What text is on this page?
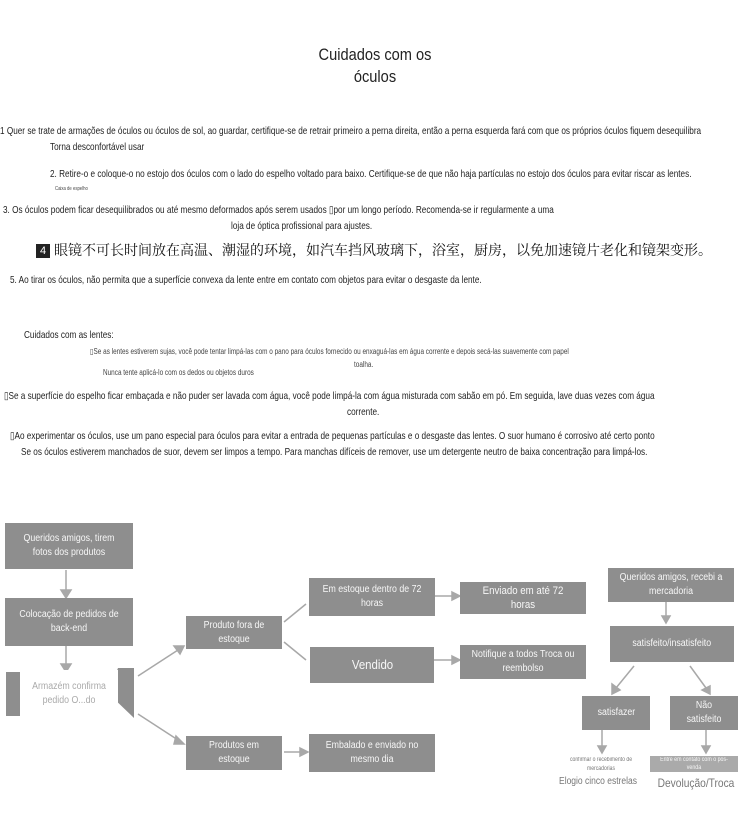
Cuidados com os óculos
1 Quer se trate de armações de óculos ou óculos de sol, ao guardar, certifique-se de retrair primeiro a perna direita, então a perna esquerda fará com que os próprios óculos fiquem desequilibra
Torna desconfortável usar
2. Retire-o e coloque-o no estojo dos óculos com o lado do espelho voltado para baixo. Certifique-se de que não haja partículas no estojo dos óculos para evitar riscar as lentes.
Caixa de espelho
3. Os óculos podem ficar desequilibrados ou até mesmo deformados após serem usados ▯por um longo período. Recomenda-se ir regularmente a uma
loja de óptica profissional para ajustes.
4 眼镜不可长时间放在高温、潮湿的环境，如汽车挡风玻璃下，浴室，厨房，以免加速镜片老化和镜架变形。
5. Ao tirar os óculos, não permita que a superfície convexa da lente entre em contato com objetos para evitar o desgaste da lente.
Cuidados com as lentes:
▯Se as lentes estiverem sujas, você pode tentar limpá-las com o pano para óculos fornecido ou enxaguá-las em água corrente e depois secá-las suavemente com papel
toalha.
Nunca tente aplicá-lo com os dedos ou objetos duros
▯Se a superfície do espelho ficar embaçada e não puder ser lavada com água, você pode limpá-la com água misturada com sabão em pó. Em seguida, lave duas vezes com água
corrente.
▯Ao experimentar os óculos, use um pano especial para óculos para evitar a entrada de pequenas partículas e o desgaste das lentes. O suor humano é corrosivo até certo ponto
Se os óculos estiverem manchados de suor, devem ser limpos a tempo. Para manchas difíceis de remover, use um detergente neutro de baixa concentração para limpá-los.
Queridos amigos, tirem fotos dos produtos
Colocação de pedidos de back-end
Armazém confirma pedido O...do
Produto fora de estoque
Produtos em estoque
Em estoque dentro de 72 horas
Vendido
Embalado e enviado no mesmo dia
Enviado em até 72 horas
Notifique a todos Troca ou reembolso
Queridos amigos, recebi a mercadoria
satisfeito/insatisfeito
satisfazer
Não satisfeito
confirmar o recebimento de mercadorias
Elogio cinco estrelas
Entre em contato com o pós-venda
Devolução/Troca
